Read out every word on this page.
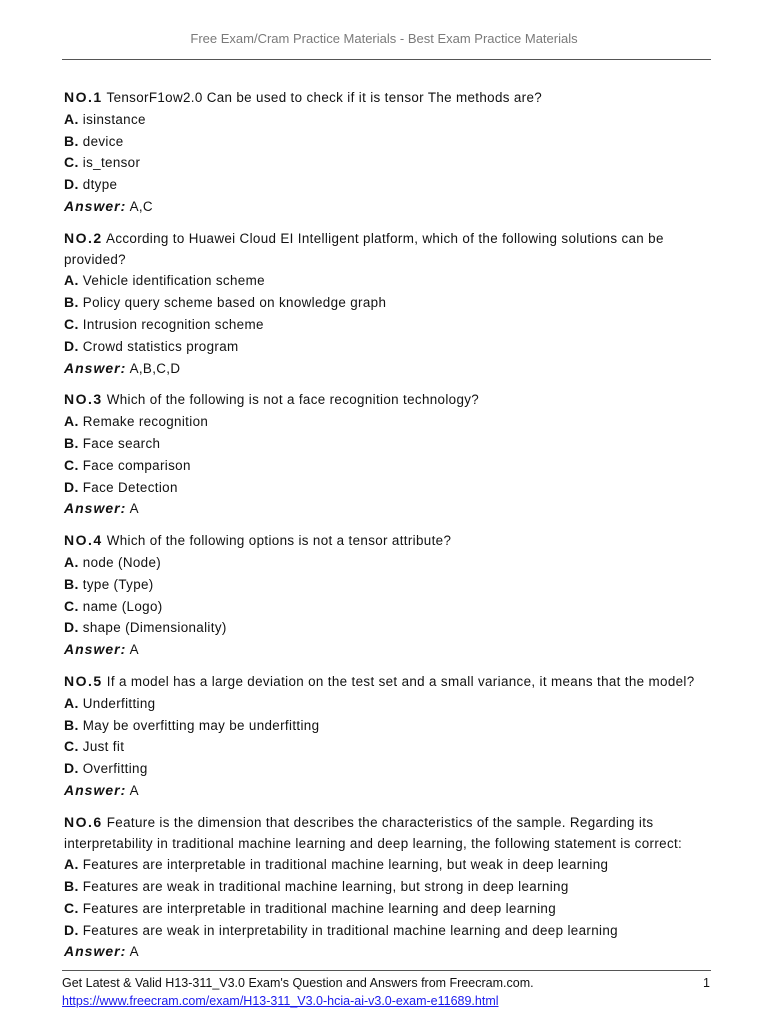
Free Exam/Cram Practice Materials - Best Exam Practice Materials
NO.1 TensorF1ow2.0 Can be used to check if it is tensor The methods are?
A. isinstance
B. device
C. is_tensor
D. dtype
Answer: A,C
NO.2 According to Huawei Cloud EI Intelligent platform, which of the following solutions can be provided?
A. Vehicle identification scheme
B. Policy query scheme based on knowledge graph
C. Intrusion recognition scheme
D. Crowd statistics program
Answer: A,B,C,D
NO.3 Which of the following is not a face recognition technology?
A. Remake recognition
B. Face search
C. Face comparison
D. Face Detection
Answer: A
NO.4 Which of the following options is not a tensor attribute?
A. node (Node)
B. type (Type)
C. name (Logo)
D. shape (Dimensionality)
Answer: A
NO.5 If a model has a large deviation on the test set and a small variance, it means that the model?
A. Underfitting
B. May be overfitting may be underfitting
C. Just fit
D. Overfitting
Answer: A
NO.6 Feature is the dimension that describes the characteristics of the sample. Regarding its interpretability in traditional machine learning and deep learning, the following statement is correct:
A. Features are interpretable in traditional machine learning, but weak in deep learning
B. Features are weak in traditional machine learning, but strong in deep learning
C. Features are interpretable in traditional machine learning and deep learning
D. Features are weak in interpretability in traditional machine learning and deep learning
Answer: A
Get Latest & Valid H13-311_V3.0 Exam's Question and Answers from Freecram.com.	1
https://www.freecram.com/exam/H13-311_V3.0-hcia-ai-v3.0-exam-e11689.html
